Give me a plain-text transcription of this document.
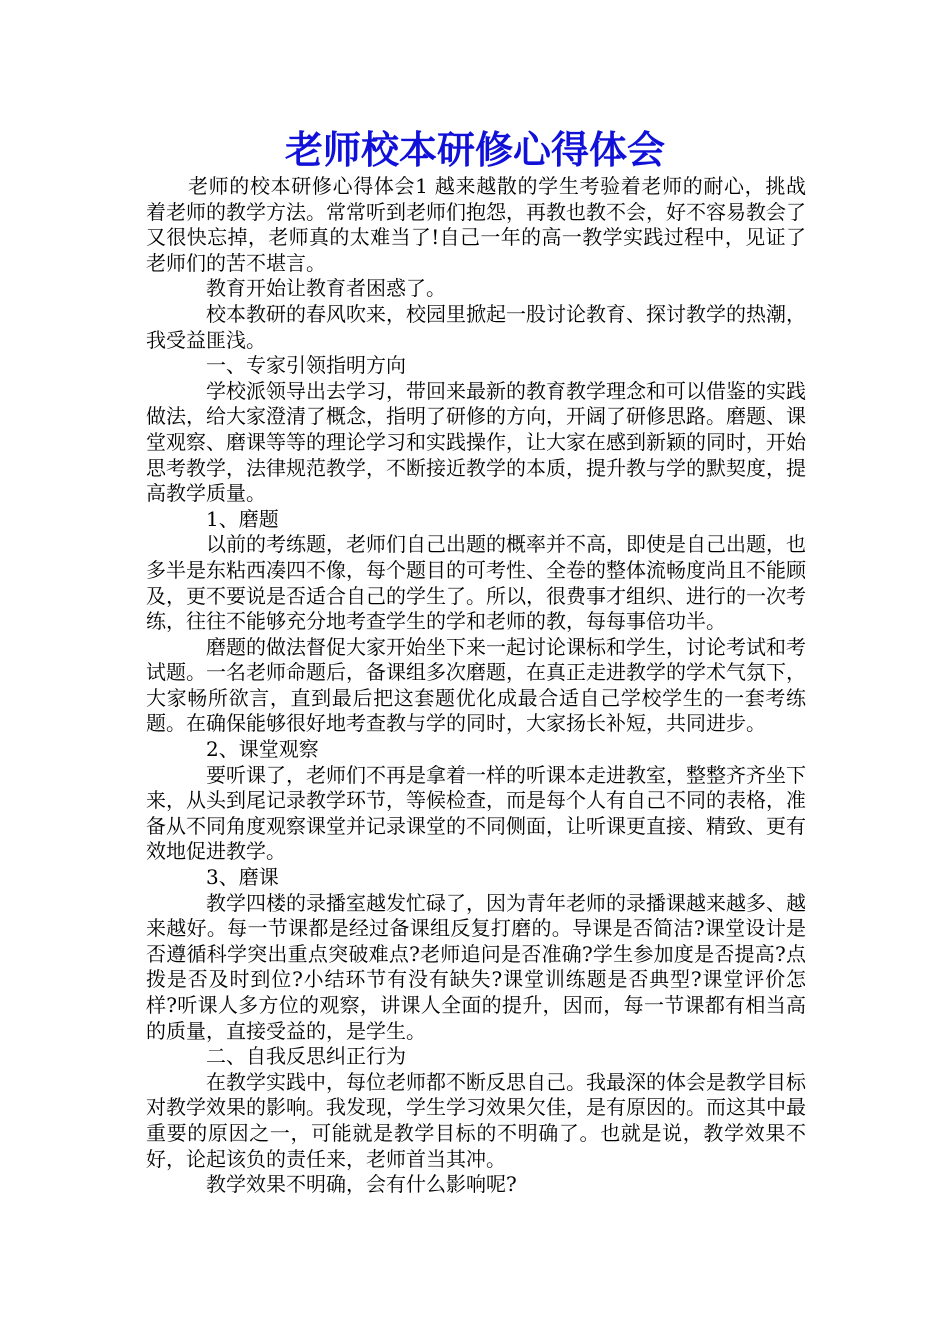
老师校本研修心得体会

老师的校本研修心得体会1 越来越散的学生考验着老师的耐心，挑战着老师的教学方法。常常听到老师们抱怨，再教也教不会，好不容易教会了又很快忘掉，老师真的太难当了!自己一年的高一教学实践过程中，见证了老师们的苦不堪言。

教育开始让教育者困惑了。

校本教研的春风吹来，校园里掀起一股讨论教育、探讨教学的热潮，我受益匪浅。

一、专家引领指明方向

学校派领导出去学习，带回来最新的教育教学理念和可以借鉴的实践做法，给大家澄清了概念，指明了研修的方向，开阔了研修思路。磨题、课堂观察、磨课等等的理论学习和实践操作，让大家在感到新颖的同时，开始思考教学，法律规范教学，不断接近教学的本质，提升教与学的默契度，提高教学质量。

1、磨题

以前的考练题，老师们自己出题的概率并不高，即使是自己出题，也多半是东粘西凑四不像，每个题目的可考性、全卷的整体流畅度尚且不能顾及，更不要说是否适合自己的学生了。所以，很费事才组织、进行的一次考练，往往不能够充分地考查学生的学和老师的教，每每事倍功半。

磨题的做法督促大家开始坐下来一起讨论课标和学生，讨论考试和考试题。一名老师命题后，备课组多次磨题，在真正走进教学的学术气氛下，大家畅所欲言，直到最后把这套题优化成最合适自己学校学生的一套考练题。在确保能够很好地考查教与学的同时，大家扬长补短，共同进步。

2、课堂观察

要听课了，老师们不再是拿着一样的听课本走进教室，整整齐齐坐下来，从头到尾记录教学环节，等候检查，而是每个人有自己不同的表格，准备从不同角度观察课堂并记录课堂的不同侧面，让听课更直接、精致、更有效地促进教学。

3、磨课

教学四楼的录播室越发忙碌了，因为青年老师的录播课越来越多、越来越好。每一节课都是经过备课组反复打磨的。导课是否简洁?课堂设计是否遵循科学突出重点突破难点?老师追问是否准确?学生参加度是否提高?点拨是否及时到位?小结环节有没有缺失?课堂训练题是否典型?课堂评价怎样?听课人多方位的观察，讲课人全面的提升，因而，每一节课都有相当高的质量，直接受益的，是学生。

二、自我反思纠正行为

在教学实践中，每位老师都不断反思自己。我最深的体会是教学目标对教学效果的影响。我发现，学生学习效果欠佳，是有原因的。而这其中最重要的原因之一，可能就是教学目标的不明确了。也就是说，教学效果不好，论起该负的责任来，老师首当其冲。

教学效果不明确，会有什么影响呢?
